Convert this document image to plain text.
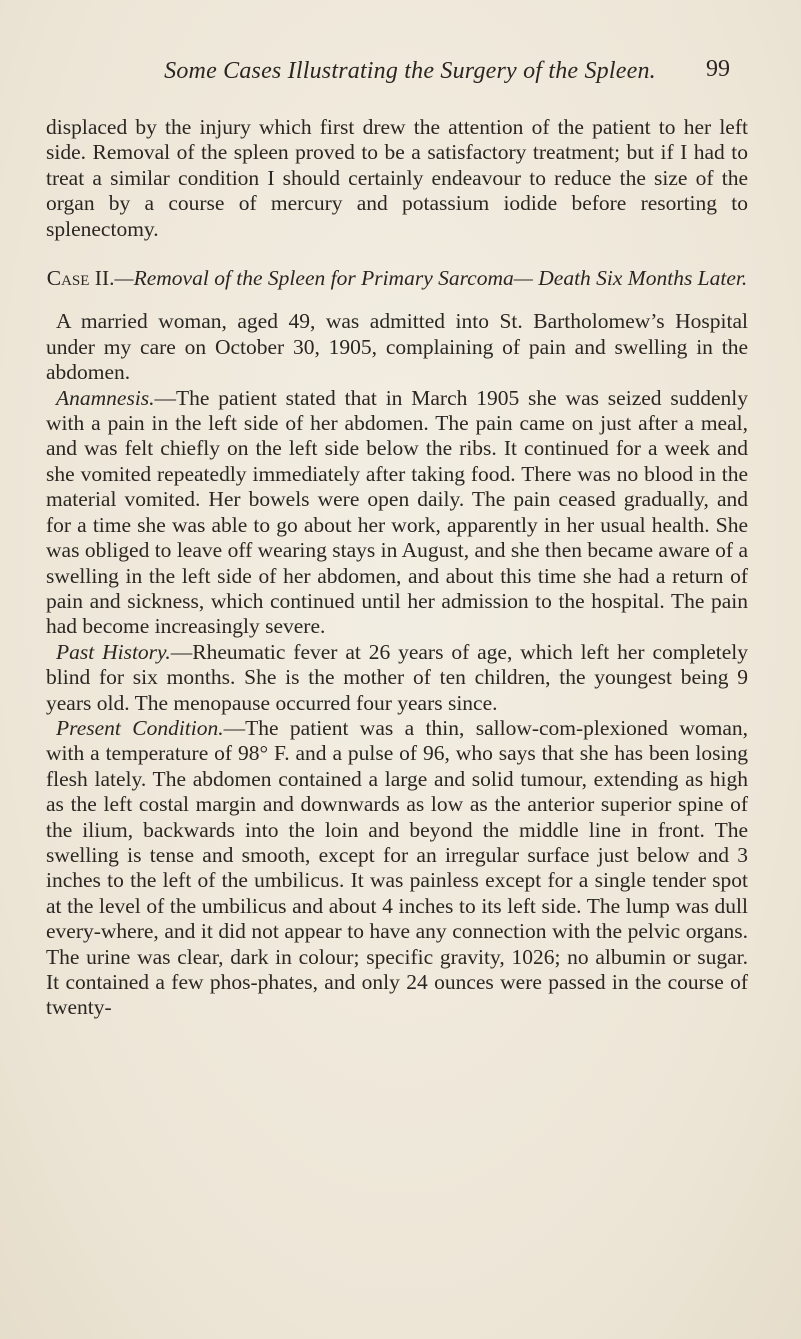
Some Cases Illustrating the Surgery of the Spleen.	99

displaced by the injury which first drew the attention of the patient to her left side. Removal of the spleen proved to be a satisfactory treatment; but if I had to treat a similar condition I should certainly endeavour to reduce the size of the organ by a course of mercury and potassium iodide before resorting to splenectomy.

Case II.—Removal of the Spleen for Primary Sarcoma— Death Six Months Later.

A married woman, aged 49, was admitted into St. Bartholomew’s Hospital under my care on October 30, 1905, complaining of pain and swelling in the abdomen.

Anamnesis.—The patient stated that in March 1905 she was seized suddenly with a pain in the left side of her abdomen. The pain came on just after a meal, and was felt chiefly on the left side below the ribs. It continued for a week and she vomited repeatedly immediately after taking food. There was no blood in the material vomited. Her bowels were open daily. The pain ceased gradually, and for a time she was able to go about her work, apparently in her usual health. She was obliged to leave off wearing stays in August, and she then became aware of a swelling in the left side of her abdomen, and about this time she had a return of pain and sickness, which continued until her admission to the hospital. The pain had become increasingly severe.

Past History.—Rheumatic fever at 26 years of age, which left her completely blind for six months. She is the mother of ten children, the youngest being 9 years old. The menopause occurred four years since.

Present Condition.—The patient was a thin, sallow-com-plexioned woman, with a temperature of 98° F. and a pulse of 96, who says that she has been losing flesh lately. The abdomen contained a large and solid tumour, extending as high as the left costal margin and downwards as low as the anterior superior spine of the ilium, backwards into the loin and beyond the middle line in front. The swelling is tense and smooth, except for an irregular surface just below and 3 inches to the left of the umbilicus. It was painless except for a single tender spot at the level of the umbilicus and about 4 inches to its left side. The lump was dull every-where, and it did not appear to have any connection with the pelvic organs. The urine was clear, dark in colour; specific gravity, 1026; no albumin or sugar. It contained a few phos-phates, and only 24 ounces were passed in the course of twenty-
